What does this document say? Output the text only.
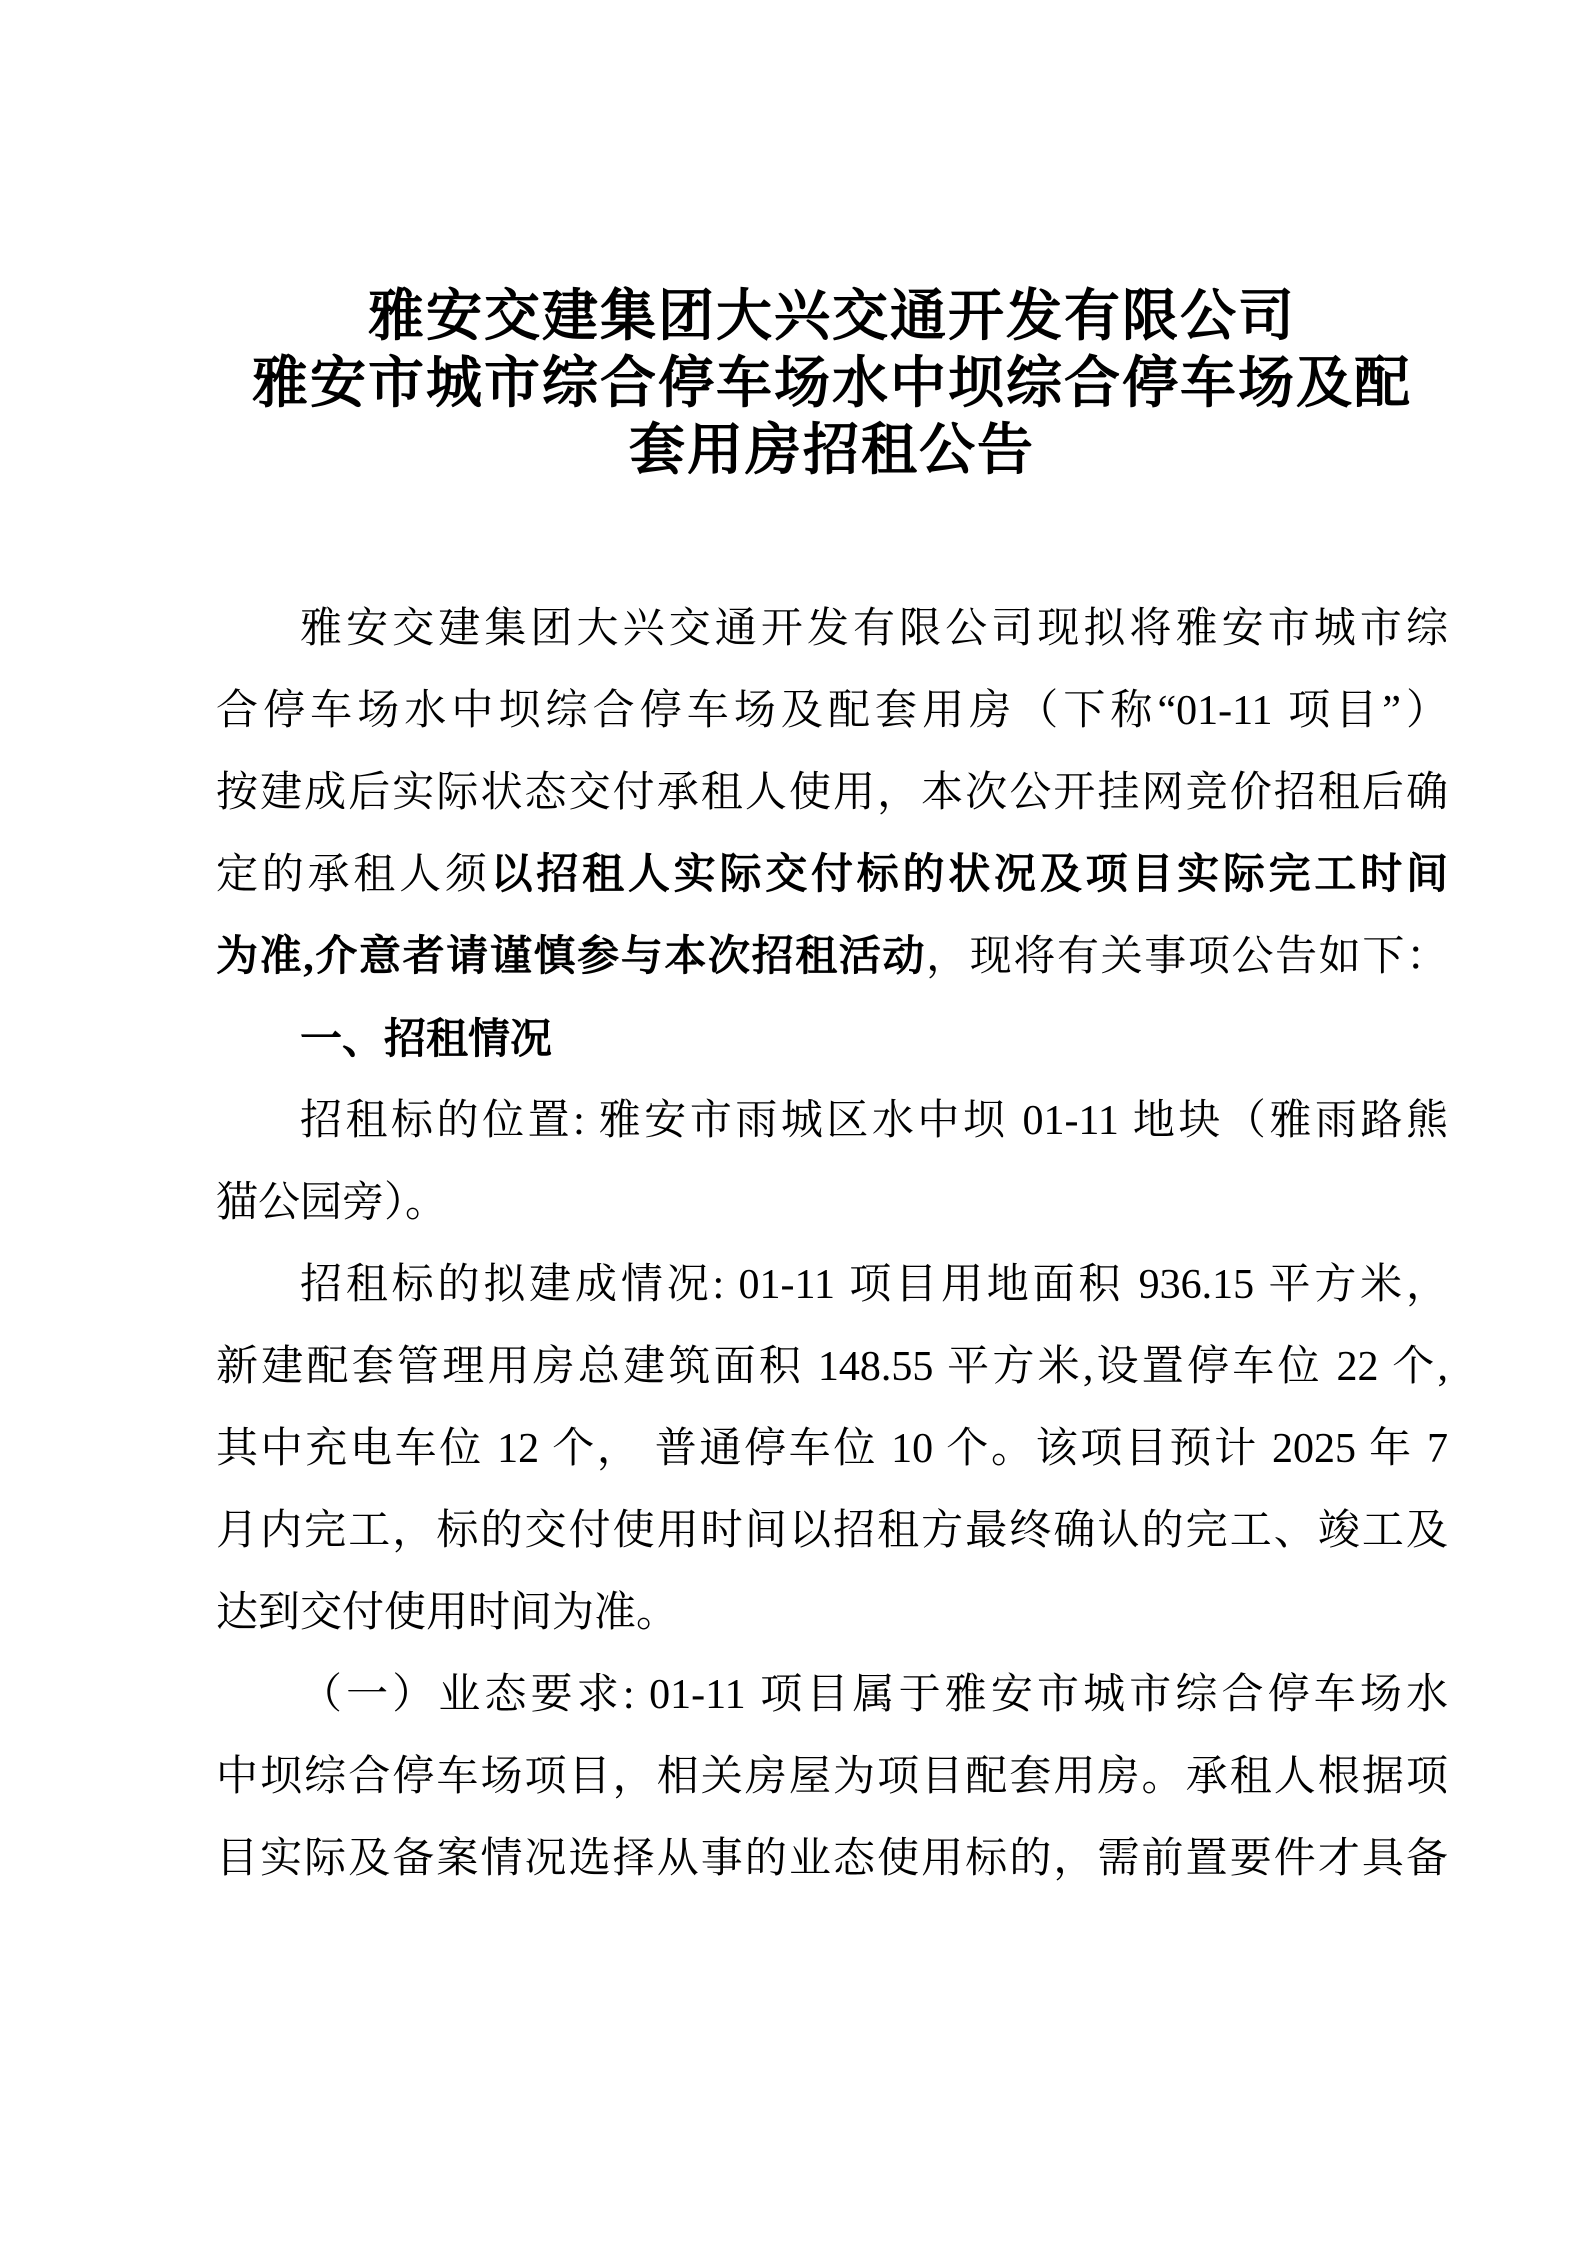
雅安交建集团大兴交通开发有限公司
雅安市城市综合停车场水中坝综合停车场及配
套用房招租公告
雅安交建集团大兴交通开发有限公司现拟将雅安市城市综
合停车场水中坝综合停车场及配套用房（下称“01-11 项目”）
按建成后实际状态交付承租人使用，本次公开挂网竞价招租后确
定的承租人须以招租人实际交付标的状况及项目实际完工时间
为准,介意者请谨慎参与本次招租活动，现将有关事项公告如下：
一、招租情况
招租标的位置: 雅安市雨城区水中坝 01-11 地块（雅雨路熊
猫公园旁）。
招租标的拟建成情况: 01-11 项目用地面积 936.15 平方米，
新建配套管理用房总建筑面积 148.55 平方米,设置停车位 22 个,
其中充电车位 12 个， 普通停车位 10 个。该项目预计 2025 年 7
月内完工，标的交付使用时间以招租方最终确认的完工、竣工及
达到交付使用时间为准。
（一）业态要求: 01-11 项目属于雅安市城市综合停车场水
中坝综合停车场项目，相关房屋为项目配套用房。承租人根据项
目实际及备案情况选择从事的业态使用标的，需前置要件才具备
